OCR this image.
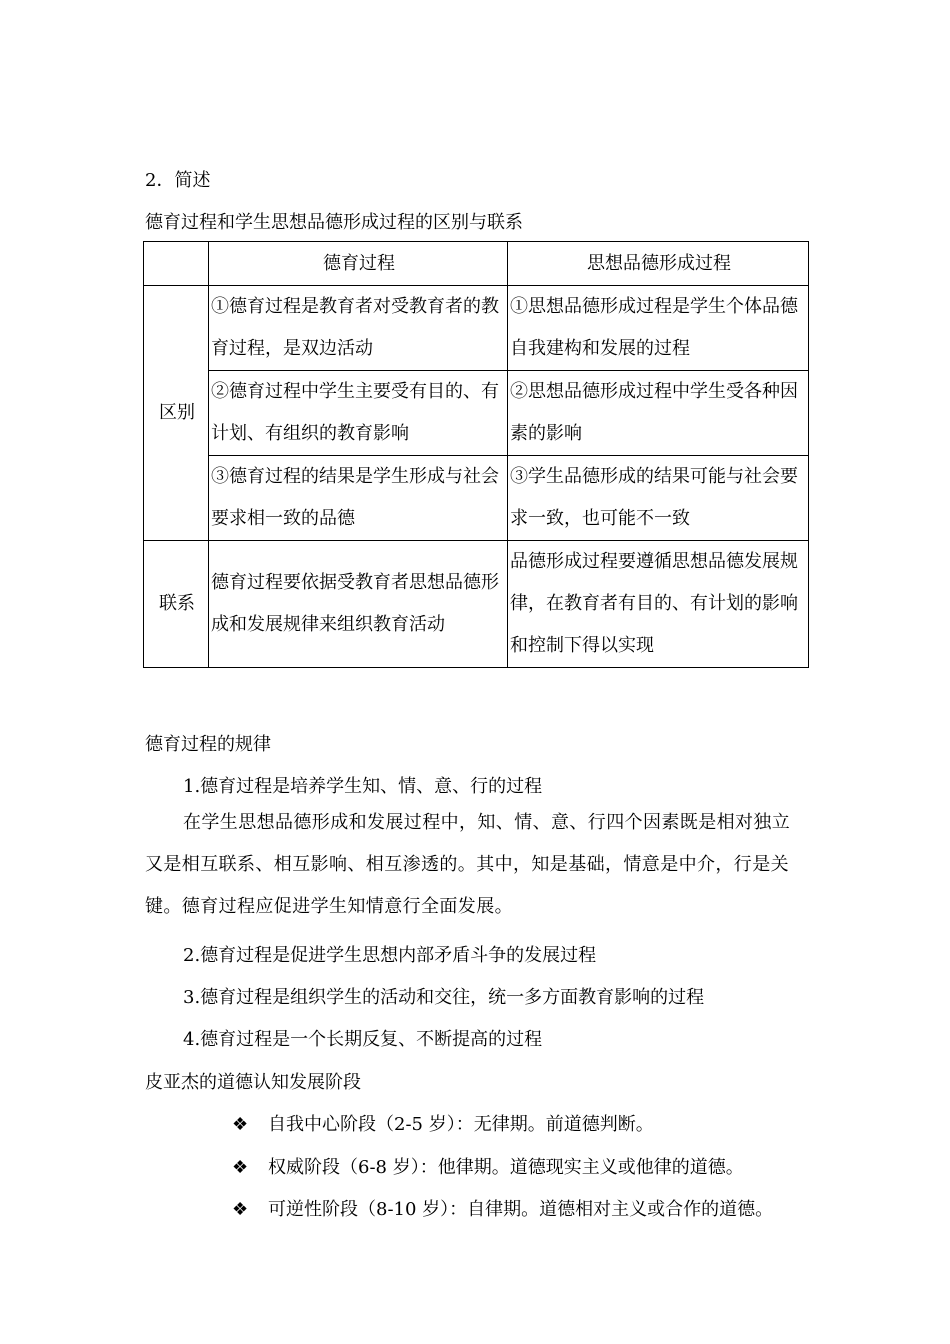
2．简述
德育过程和学生思想品德形成过程的区别与联系
	德育过程	思想品德形成过程
区别	①德育过程是教育者对受教育者的教育过程，是双边活动	①思想品德形成过程是学生个体品德自我建构和发展的过程
	②德育过程中学生主要受有目的、有计划、有组织的教育影响	②思想品德形成过程中学生受各种因素的影响
	③德育过程的结果是学生形成与社会要求相一致的品德	③学生品德形成的结果可能与社会要求一致，也可能不一致
联系	德育过程要依据受教育者思想品德形成和发展规律来组织教育活动	品德形成过程要遵循思想品德发展规律，在教育者有目的、有计划的影响和控制下得以实现
德育过程的规律
1.德育过程是培养学生知、情、意、行的过程
在学生思想品德形成和发展过程中，知、情、意、行四个因素既是相对独立又是相互联系、相互影响、相互渗透的。其中，知是基础，情意是中介，行是关键。德育过程应促进学生知情意行全面发展。
2.德育过程是促进学生思想内部矛盾斗争的发展过程
3.德育过程是组织学生的活动和交往，统一多方面教育影响的过程
4.德育过程是一个长期反复、不断提高的过程
皮亚杰的道德认知发展阶段
❖ 自我中心阶段（2-5 岁）：无律期。前道德判断。
❖ 权威阶段（6-8 岁）：他律期。道德现实主义或他律的道德。
❖ 可逆性阶段（8-10 岁）：自律期。道德相对主义或合作的道德。
